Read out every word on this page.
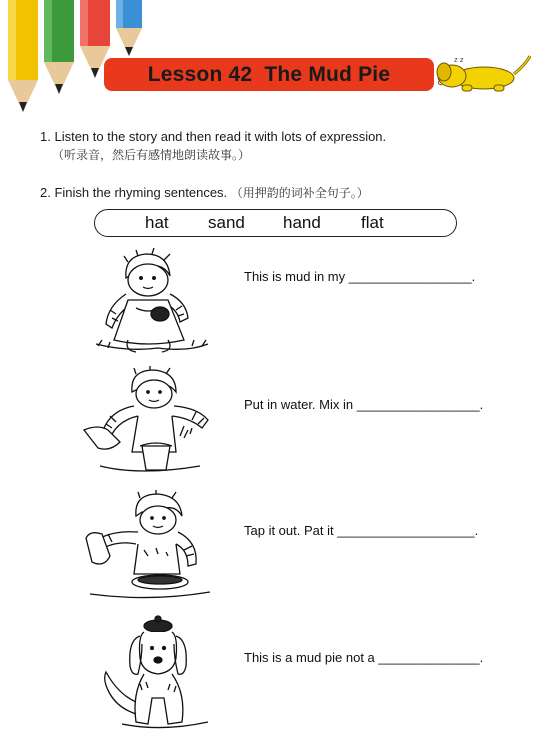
Lesson 42  The Mud Pie
z z
1. Listen to the story and then read it with lots of expression.
（听录音，然后有感情地朗读故事。）
2. Finish the rhyming sentences. （用押韵的词补全句子。）
hat sand hand flat
This is mud in my _________________.
Put in water. Mix in _________________.
Tap it out. Pat it ___________________.
This is a mud pie not a ______________.
